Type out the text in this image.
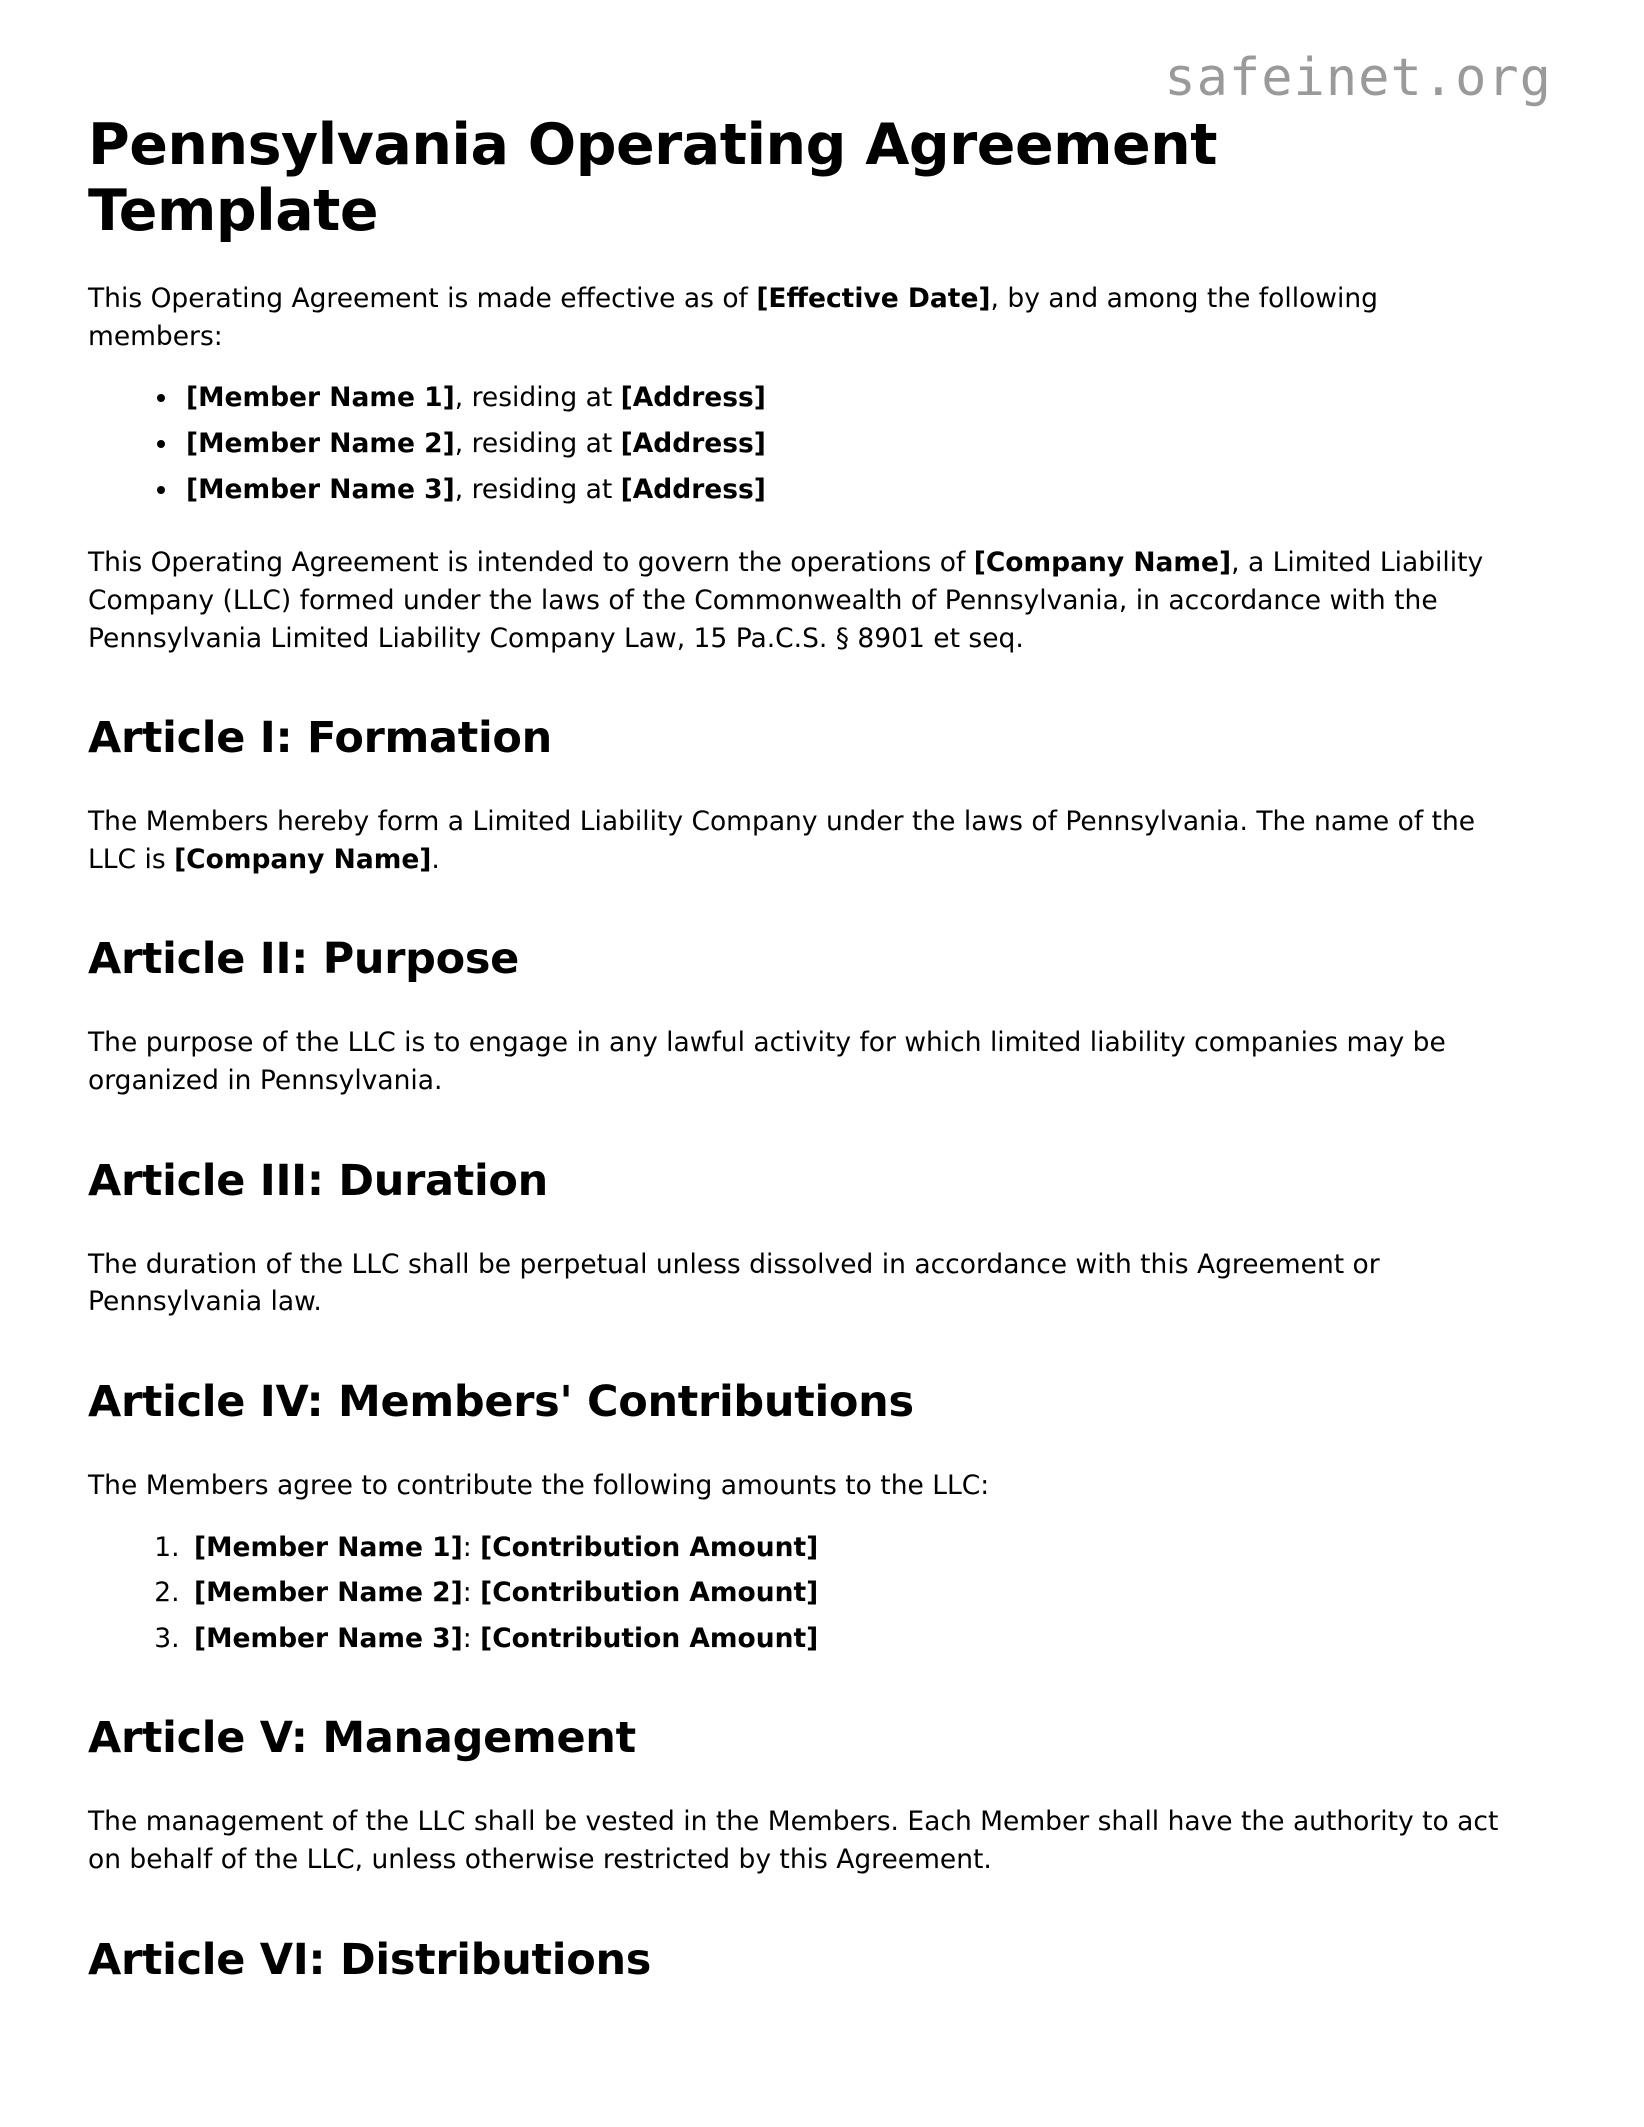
safeinet.org
Pennsylvania Operating Agreement Template

This Operating Agreement is made effective as of [Effective Date], by and among the following members:

• [Member Name 1], residing at [Address]
• [Member Name 2], residing at [Address]
• [Member Name 3], residing at [Address]

This Operating Agreement is intended to govern the operations of [Company Name], a Limited Liability Company (LLC) formed under the laws of the Commonwealth of Pennsylvania, in accordance with the Pennsylvania Limited Liability Company Law, 15 Pa.C.S. § 8901 et seq.

Article I: Formation

The Members hereby form a Limited Liability Company under the laws of Pennsylvania. The name of the LLC is [Company Name].

Article II: Purpose

The purpose of the LLC is to engage in any lawful activity for which limited liability companies may be organized in Pennsylvania.

Article III: Duration

The duration of the LLC shall be perpetual unless dissolved in accordance with this Agreement or Pennsylvania law.

Article IV: Members' Contributions

The Members agree to contribute the following amounts to the LLC:

1. [Member Name 1]: [Contribution Amount]
2. [Member Name 2]: [Contribution Amount]
3. [Member Name 3]: [Contribution Amount]
Article V: Management

The management of the LLC shall be vested in the Members. Each Member shall have the authority to act on behalf of the LLC, unless otherwise restricted by this Agreement.

Article VI: Distributions
